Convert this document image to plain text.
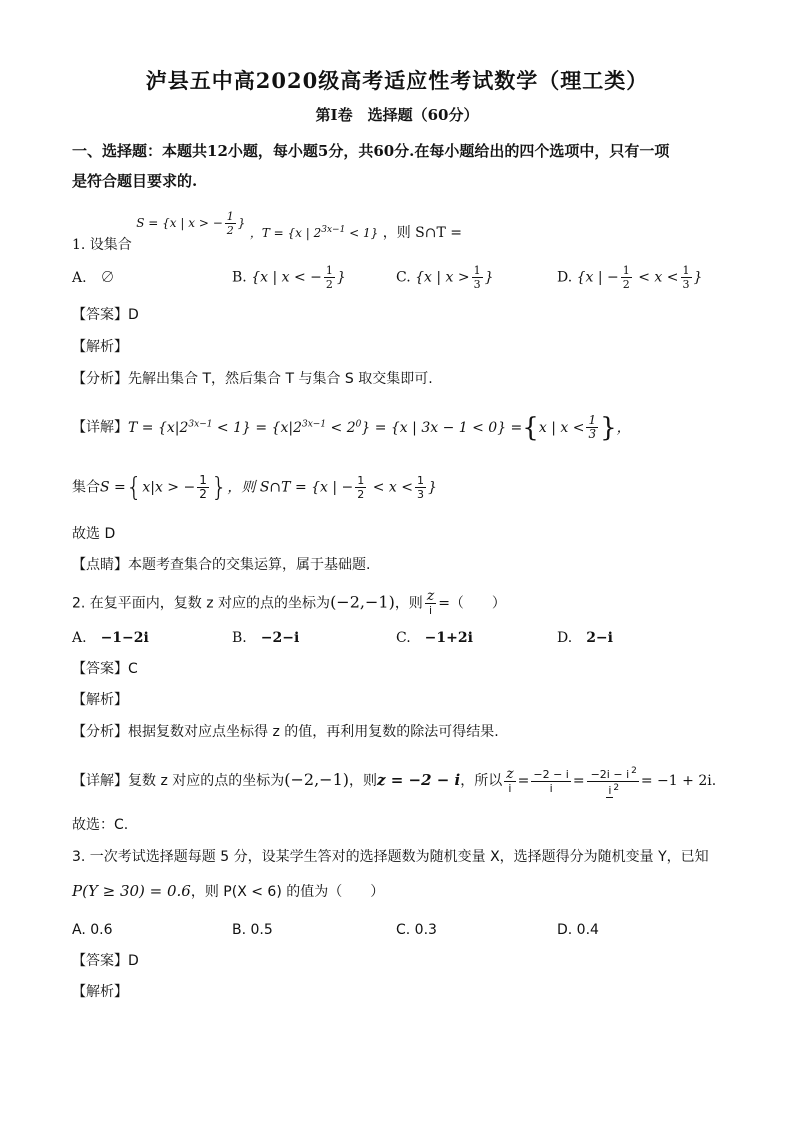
泸县五中高2020级高考适应性考试数学（理工类）
第I卷　选择题（60分）
一、选择题：本题共12小题，每小题5分，共60分.在每小题给出的四个选项中，只有一项
是符合题目要求的.
1. 设集合 S = {x | x > − $\frac{1}{2}$ } ，T = {x | $2^{3x-1} < 1$} ，则 S∩T =
A.　∅	B. {x | x < − $\frac{1}{2}$ }	C. {x | $x > \frac{1}{3}$ }	D. {x | − $\frac{1}{2} < x < \frac{1}{3}$ }
【答案】D
【解析】
【分析】先解出集合 T，然后集合 T 与集合 S 取交集即可.
【详解】$T = \{x|2^{3x-1} < 1\} = \{x|2^{3x-1} < 2^0\} = \{x$ | 3x − 1 < 0} ={x | $x < \frac{1}{3}$ }，
集合S ={x|x > − $\frac{1}{2}$ }，则 S∩T = {x | − $\frac{1}{2} < x < \frac{1}{3}$ }
故选 D
【点睛】本题考查集合的交集运算，属于基础题.
2. 在复平面内，复数 z 对应的点的坐标为(−2,−1)，则 $\frac{z}{i}$ =（　　）
A.　 −1−2i	B.　 −2−i	C.　 −1+2i	D.　 2−i
【答案】C
【解析】
【分析】根据复数对应点坐标得 z 的值，再利用复数的除法可得结果.
【详解】复数 z 对应的点的坐标为(−2,−1)，则z = −2 − i，所以 $\frac{z}{i} = \frac{-2 - i}{i} = \frac{-2i - i ^2}{i ^2} = -1 + 2i$.
故选：C.
3. 一次考试选择题每题 5 分，设某学生答对的选择题数为随机变量 X，选择题得分为随机变量 Y，已知
P(Y ≥ 30) = 0.6，则 P(X < 6) 的值为（　　）
A. 0.6	B. 0.5	C. 0.3	D. 0.4
【答案】D
【解析】
